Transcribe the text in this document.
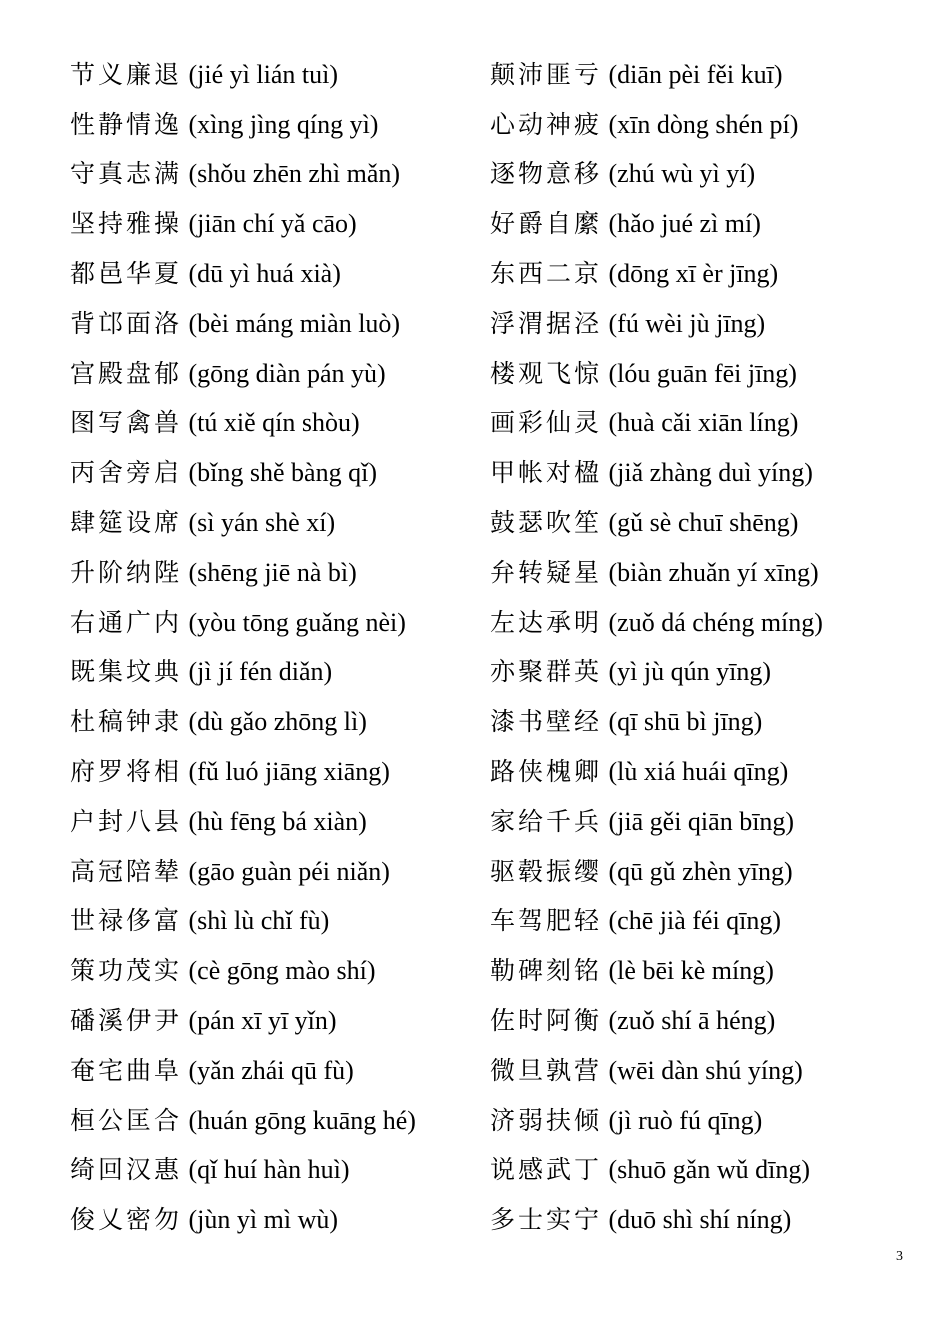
节义廉退 (jié yì lián tuì)	颠沛匪亏 (diān pèi fěi kuī)
性静情逸 (xìng jìng qíng yì)	心动神疲 (xīn dòng shén pí)
守真志满 (shǒu zhēn zhì mǎn)	逐物意移 (zhú wù yì yí)
坚持雅操 (jiān chí yǎ cāo)	好爵自縻 (hǎo jué zì mí)
都邑华夏 (dū yì huá xià)	东西二京 (dōng xī èr jīng)
背邙面洛 (bèi máng miàn luò)	浮渭据泾 (fú wèi jù jīng)
宫殿盘郁 (gōng diàn pán yù)	楼观飞惊 (lóu guān fēi jīng)
图写禽兽 (tú xiě qín shòu)	画彩仙灵 (huà cǎi xiān líng)
丙舍旁启 (bǐng shě bàng qǐ)	甲帐对楹 (jiǎ zhàng duì yíng)
肆筵设席 (sì yán shè xí)	鼓瑟吹笙 (gǔ sè chuī shēng)
升阶纳陛 (shēng jiē nà bì)	弁转疑星 (biàn zhuǎn yí xīng)
右通广内 (yòu tōng guǎng nèi)	左达承明 (zuǒ dá chéng míng)
既集坟典 (jì jí fén diǎn)	亦聚群英 (yì jù qún yīng)
杜稿钟隶 (dù gǎo zhōng lì)	漆书壁经 (qī shū bì jīng)
府罗将相 (fǔ luó jiāng xiāng)	路侠槐卿 (lù xiá huái qīng)
户封八县 (hù fēng bá xiàn)	家给千兵 (jiā gěi qiān bīng)
高冠陪辇 (gāo guàn péi niǎn)	驱毂振缨 (qū gǔ zhèn yīng)
世禄侈富 (shì lù chǐ fù)	车驾肥轻 (chē jià féi qīng)
策功茂实 (cè gōng mào shí)	勒碑刻铭 (lè bēi kè míng)
磻溪伊尹 (pán xī yī yǐn)	佐时阿衡 (zuǒ shí ā héng)
奄宅曲阜 (yǎn zhái qū fù)	微旦孰营 (wēi dàn shú yíng)
桓公匡合 (huán gōng kuāng hé)	济弱扶倾 (jì ruò fú qīng)
绮回汉惠 (qǐ huí hàn huì)	说感武丁 (shuō gǎn wǔ dīng)
俊乂密勿 (jùn yì mì wù)	多士实宁 (duō shì shí níng)
3
